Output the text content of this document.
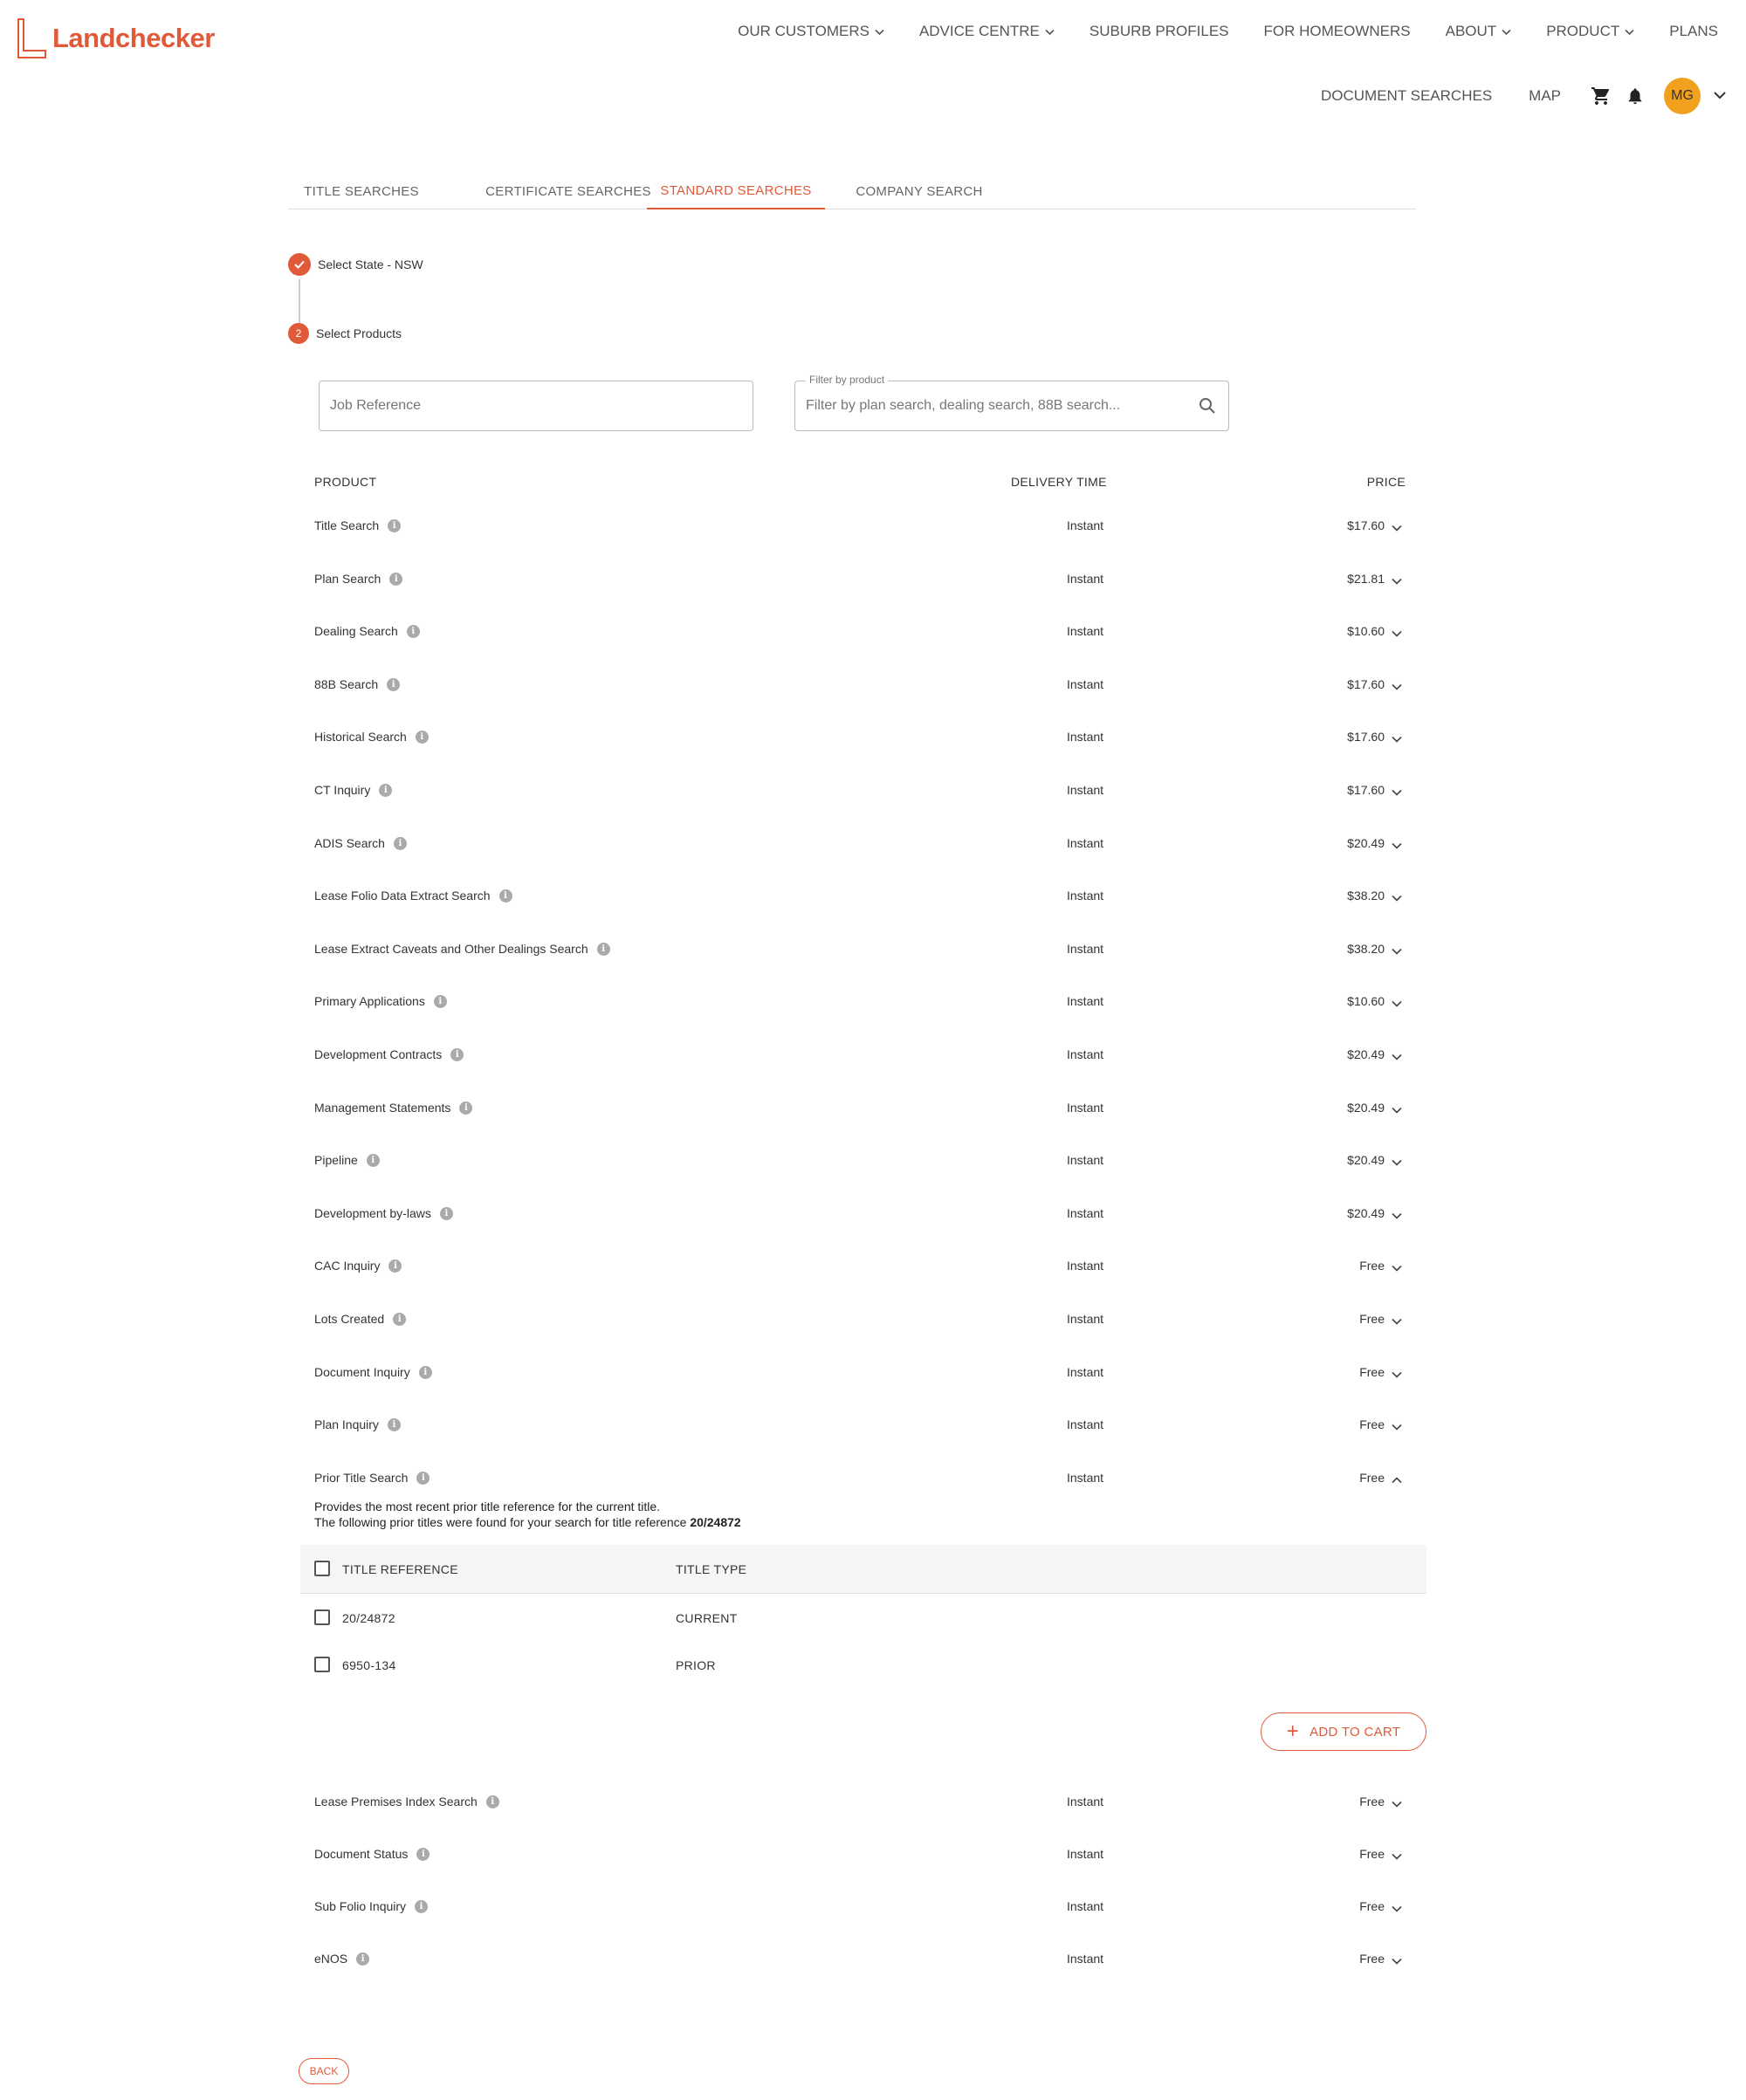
Landchecker	OUR CUSTOMERS	ADVICE CENTRE	SUBURB PROFILES FOR HOMEOWNERS ABOUT	PRODUCT	PLANS
DOCUMENT SEARCHES MAP	MG
TITLE SEARCHES	CERTIFICATE SEARCHES STANDARD SEARCHES	COMPANY SEARCH
Select State - NSW
2	Select Products
Job Reference
Filter by product
Filter by plan search, dealing search, 88B search...
PRODUCT	DELIVERY TIME	PRICE
Title Search	i	Instant	$17.60
Plan Search	i	Instant	$21.81
Dealing Search	i	Instant	$10.60
88B Search	i	Instant	$17.60
Historical Search	i	Instant	$17.60
CT Inquiry	i	Instant	$17.60
ADIS Search	i	Instant	$20.49
Lease Folio Data Extract Search	i	Instant	$38.20
Lease Extract Caveats and Other Dealings Search	i	Instant	$38.20
Primary Applications	i	Instant	$10.60
Development Contracts	i	Instant	$20.49
Management Statements	i	Instant	$20.49
Pipeline	i	Instant	$20.49
Development by-laws	i	Instant	$20.49
CAC Inquiry	i	Instant	Free
Lots Created	i	Instant	Free
Document Inquiry	i	Instant	Free
Plan Inquiry	i	Instant	Free
Prior Title Search	i	Instant	Free
Lease Premises Index Search	i	Instant	Free
Document Status	i	Instant	Free
Sub Folio Inquiry	i	Instant	Free
eNOS	i	Instant	Free
Provides the most recent prior title reference for the current title.
The following prior titles were found for your search for title reference 20/24872
TITLE REFERENCE	TITLE TYPE
20/24872	CURRENT
6950-134	PRIOR
+ ADD TO CART
BACK
